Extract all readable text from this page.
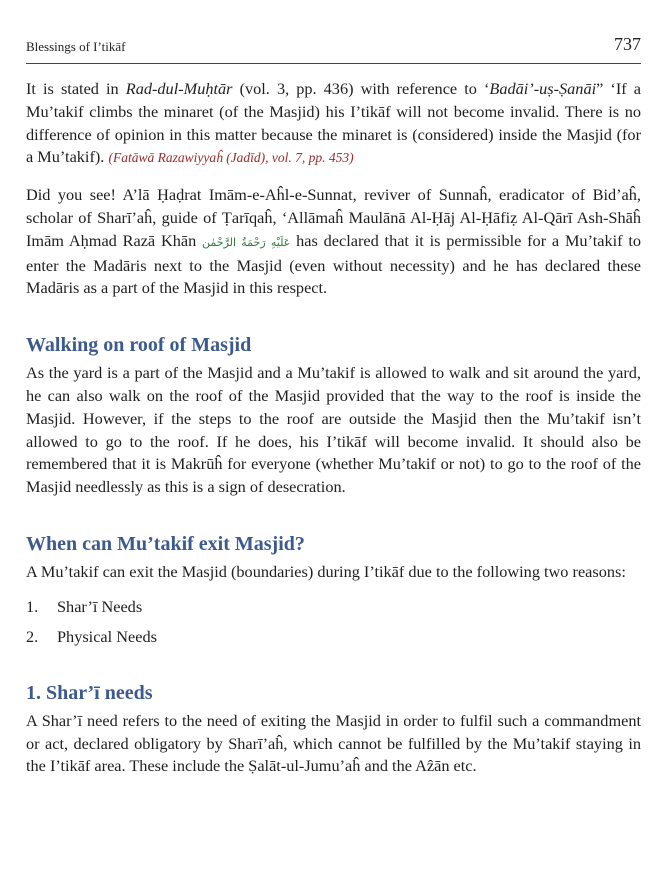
Blessings of I’tikāf	737

It is stated in Rad-dul-Muḥtār (vol. 3, pp. 436) with reference to ‘Badāi’-uṣ-Ṣanāi” ‘If a Mu’takif climbs the minaret (of the Masjid) his I’tikāf will not become invalid. There is no difference of opinion in this matter because the minaret is (considered) inside the Masjid (for a Mu’takif). (Fatāwā Razawiyyaĥ (Jadīd), vol. 7, pp. 453)

Did you see! A’lā Ḥaḍrat Imām-e-Aĥl-e-Sunnat, reviver of Sunnaĥ, eradicator of Bid’aĥ, scholar of Sharī’aĥ, guide of Ṭarīqaĥ, ‘Allāmaĥ Maulānā Al-Ḥāj Al-Ḥāfiẓ Al-Qārī Ash-Shāĥ Imām Aḥmad Razā Khān عَلَیْهِ رَحْمَةُ الرَّحْمٰن has declared that it is permissible for a Mu’takif to enter the Madāris next to the Masjid (even without necessity) and he has declared these Madāris as a part of the Masjid in this respect.

Walking on roof of Masjid

As the yard is a part of the Masjid and a Mu’takif is allowed to walk and sit around the yard, he can also walk on the roof of the Masjid provided that the way to the roof is inside the Masjid. However, if the steps to the roof are outside the Masjid then the Mu’takif isn’t allowed to go to the roof. If he does, his I’tikāf will become invalid. It should also be remembered that it is Makrūĥ for everyone (whether Mu’takif or not) to go to the roof of the Masjid needlessly as this is a sign of desecration.

When can Mu’takif exit Masjid?

A Mu’takif can exit the Masjid (boundaries) during I’tikāf due to the following two reasons:

1. Shar’ī Needs
2. Physical Needs
1. Shar’ī needs

A Shar’ī need refers to the need of exiting the Masjid in order to fulfil such a commandment or act, declared obligatory by Sharī’aĥ, which cannot be fulfilled by the Mu’takif staying in the I’tikāf area. These include the Ṣalāt-ul-Jumu’aĥ and the Aẑān etc.
